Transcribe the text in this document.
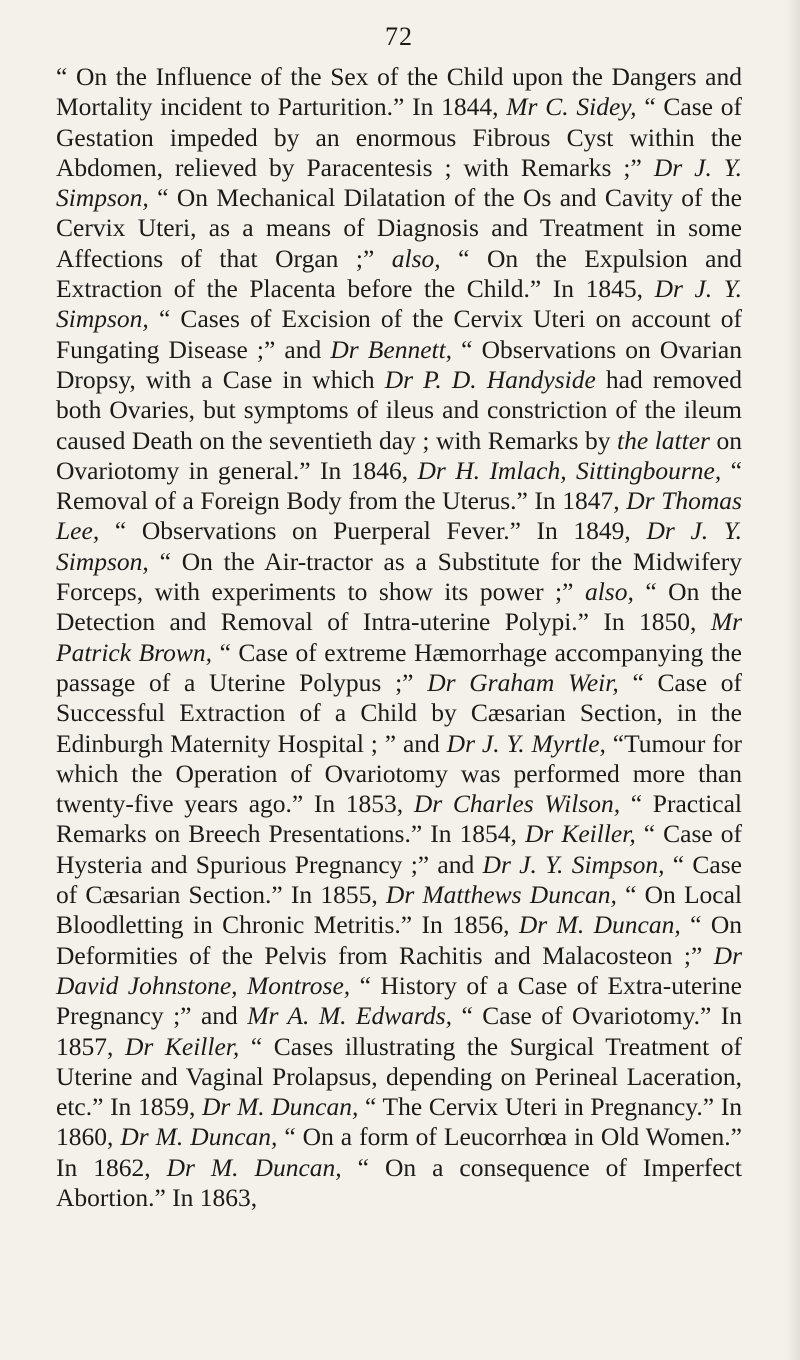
72

“ On the Influence of the Sex of the Child upon the Dangers and Mortality incident to Parturition.” In 1844, Mr C. Sidey, “ Case of Gestation impeded by an enormous Fibrous Cyst within the Abdomen, relieved by Paracentesis ; with Remarks ;” Dr J. Y. Simpson, “ On Mechanical Dilatation of the Os and Cavity of the Cervix Uteri, as a means of Diagnosis and Treatment in some Affections of that Organ ;” also, “ On the Expulsion and Extraction of the Placenta before the Child.” In 1845, Dr J. Y. Simpson, “ Cases of Excision of the Cervix Uteri on account of Fungating Disease ;” and Dr Bennett, “ Observations on Ovarian Dropsy, with a Case in which Dr P. D. Handyside had removed both Ovaries, but symptoms of ileus and constriction of the ileum caused Death on the seventieth day ; with Remarks by the latter on Ovariotomy in general.” In 1846, Dr H. Imlach, Sittingbourne, “ Removal of a Foreign Body from the Uterus.” In 1847, Dr Thomas Lee, “ Observations on Puerperal Fever.” In 1849, Dr J. Y. Simpson, “ On the Air-tractor as a Substitute for the Midwifery Forceps, with experiments to show its power ;” also, “ On the Detection and Removal of Intra-uterine Polypi.” In 1850, Mr Patrick Brown, “ Case of extreme Hæmorrhage accompanying the passage of a Uterine Polypus ;” Dr Graham Weir, “ Case of Successful Extraction of a Child by Cæsarian Section, in the Edinburgh Maternity Hospital ; ” and Dr J. Y. Myrtle, “Tumour for which the Operation of Ovariotomy was performed more than twenty-five years ago.” In 1853, Dr Charles Wilson, “ Practical Remarks on Breech Presentations.” In 1854, Dr Keiller, “ Case of Hysteria and Spurious Pregnancy ;” and Dr J. Y. Simpson, “ Case of Cæsarian Section.” In 1855, Dr Matthews Duncan, “ On Local Bloodletting in Chronic Metritis.” In 1856, Dr M. Duncan, “ On Deformities of the Pelvis from Rachitis and Malacosteon ;” Dr David Johnstone, Montrose, “ History of a Case of Extra-uterine Pregnancy ;” and Mr A. M. Edwards, “ Case of Ovariotomy.” In 1857, Dr Keiller, “ Cases illustrating the Surgical Treatment of Uterine and Vaginal Prolapsus, depending on Perineal Laceration, etc.” In 1859, Dr M. Duncan, “ The Cervix Uteri in Pregnancy.” In 1860, Dr M. Duncan, “ On a form of Leucorrhœa in Old Women.” In 1862, Dr M. Duncan, “ On a consequence of Imperfect Abortion.” In 1863,
